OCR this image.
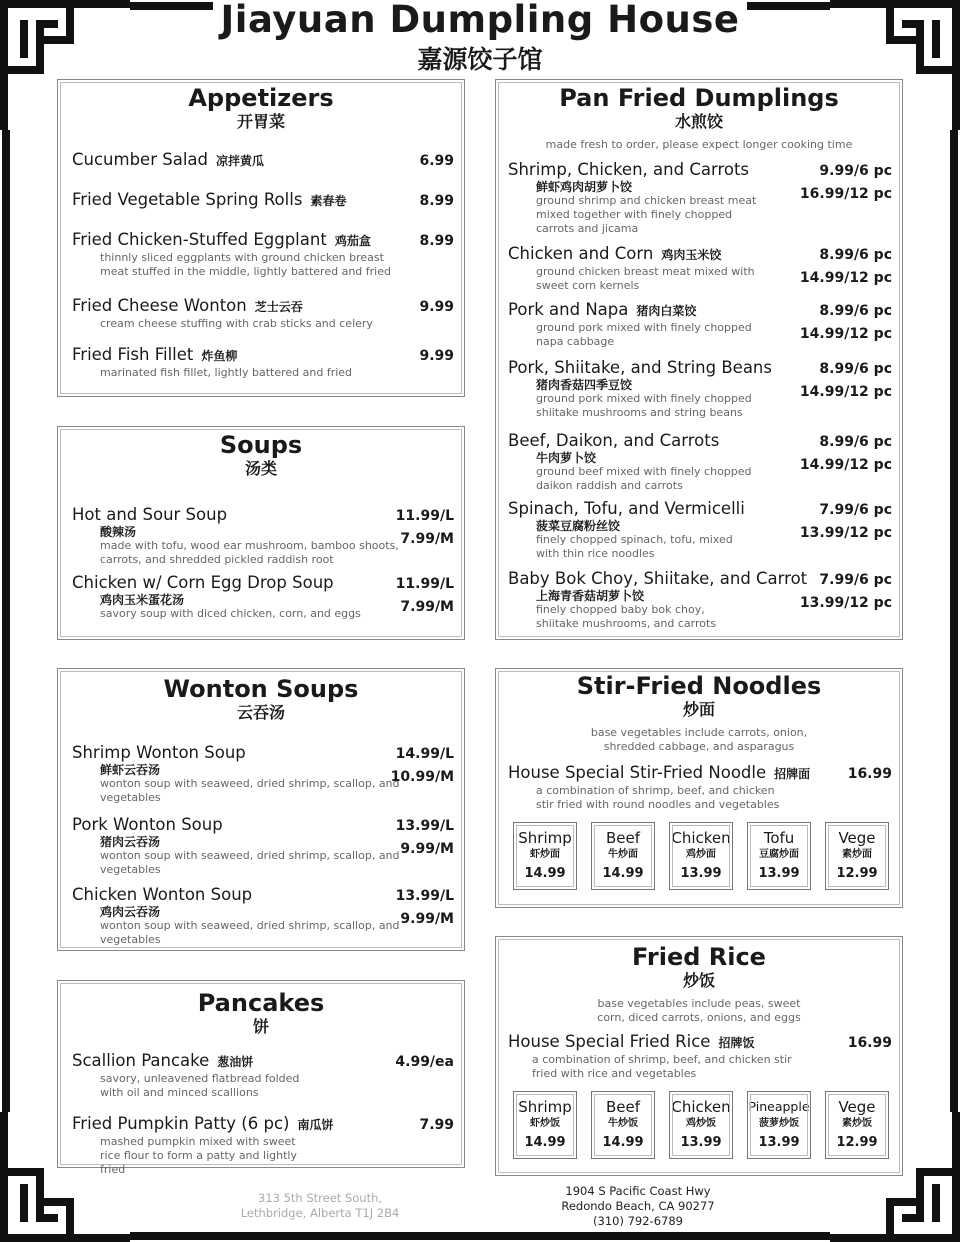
Jiayuan Dumpling House
嘉源饺子馆
Appetizers
开胃菜
Cucumber Salad 凉拌黄瓜	6.99
Fried Vegetable Spring Rolls 素春卷	8.99
Fried Chicken-Stuffed Eggplant 鸡茄盒
thinnly sliced eggplants with ground chicken breast meat stuffed in the middle, lightly battered and fried
8.99
Fried Cheese Wonton 芝士云吞
cream cheese stuffing with crab sticks and celery
9.99
Fried Fish Fillet 炸鱼柳
marinated fish fillet, lightly battered and fried
9.99
Soups
汤类
Hot and Sour Soup
酸辣汤
made with tofu, wood ear mushroom, bamboo shoots, carrots, and shredded pickled raddish root
11.99/L
7.99/M
Chicken w/ Corn Egg Drop Soup
鸡肉玉米蛋花汤
savory soup with diced chicken, corn, and eggs
11.99/L
7.99/M
Wonton Soups
云吞汤
Shrimp Wonton Soup
鲜虾云吞汤
wonton soup with seaweed, dried shrimp, scallop, and vegetables
14.99/L
10.99/M
Pork Wonton Soup
猪肉云吞汤
wonton soup with seaweed, dried shrimp, scallop, and vegetables
13.99/L
9.99/M
Chicken Wonton Soup
鸡肉云吞汤
wonton soup with seaweed, dried shrimp, scallop, and vegetables
13.99/L
9.99/M
Pancakes
饼
Scallion Pancake 葱油饼
savory, unleavened flatbread folded with oil and minced scallions
4.99/ea
Fried Pumpkin Patty (6 pc) 南瓜饼
mashed pumpkin mixed with sweet rice flour to form a patty and lightly fried
7.99
Pan Fried Dumplings
水煎饺
made fresh to order, please expect longer cooking time
Shrimp, Chicken, and Carrots
鲜虾鸡肉胡萝卜饺
ground shrimp and chicken breast meat mixed together with finely chopped carrots and jicama
9.99/6 pc
16.99/12 pc
Chicken and Corn 鸡肉玉米饺
ground chicken breast meat mixed with sweet corn kernels
8.99/6 pc
14.99/12 pc
Pork and Napa 猪肉白菜饺
ground pork mixed with finely chopped napa cabbage
8.99/6 pc
14.99/12 pc
Pork, Shiitake, and String Beans
猪肉香菇四季豆饺
ground pork mixed with finely chopped shiitake mushrooms and string beans
8.99/6 pc
14.99/12 pc
Beef, Daikon, and Carrots
牛肉萝卜饺
ground beef mixed with finely chopped daikon raddish and carrots
8.99/6 pc
14.99/12 pc
Spinach, Tofu, and Vermicelli
菠菜豆腐粉丝饺
finely chopped spinach, tofu, mixed with thin rice noodles
7.99/6 pc
13.99/12 pc
Baby Bok Choy, Shiitake, and Carrot
上海青香菇胡萝卜饺
finely chopped baby bok choy, shiitake mushrooms, and carrots
7.99/6 pc
13.99/12 pc
Stir-Fried Noodles
炒面
base vegetables include carrots, onion, shredded cabbage, and asparagus
House Special Stir-Fried Noodle 招牌面
a combination of shrimp, beef, and chicken stir fried with round noodles and vegetables
16.99
Shrimp
虾炒面
14.99
Beef
牛炒面
14.99
Chicken
鸡炒面
13.99
Tofu
豆腐炒面
13.99
Vege
素炒面
12.99
Fried Rice
炒饭
base vegetables include peas, sweet corn, diced carrots, onions, and eggs
House Special Fried Rice 招牌饭
a combination of shrimp, beef, and chicken stir fried with rice and vegetables
16.99
Shrimp
虾炒饭
14.99
Beef
牛炒饭
14.99
Chicken
鸡炒饭
13.99
Pineapple
菠萝炒饭
13.99
Vege
素炒饭
12.99
313 5th Street South,
Lethbridge, Alberta T1J 2B4
1904 S Pacific Coast Hwy
Redondo Beach, CA 90277
(310) 792-6789
